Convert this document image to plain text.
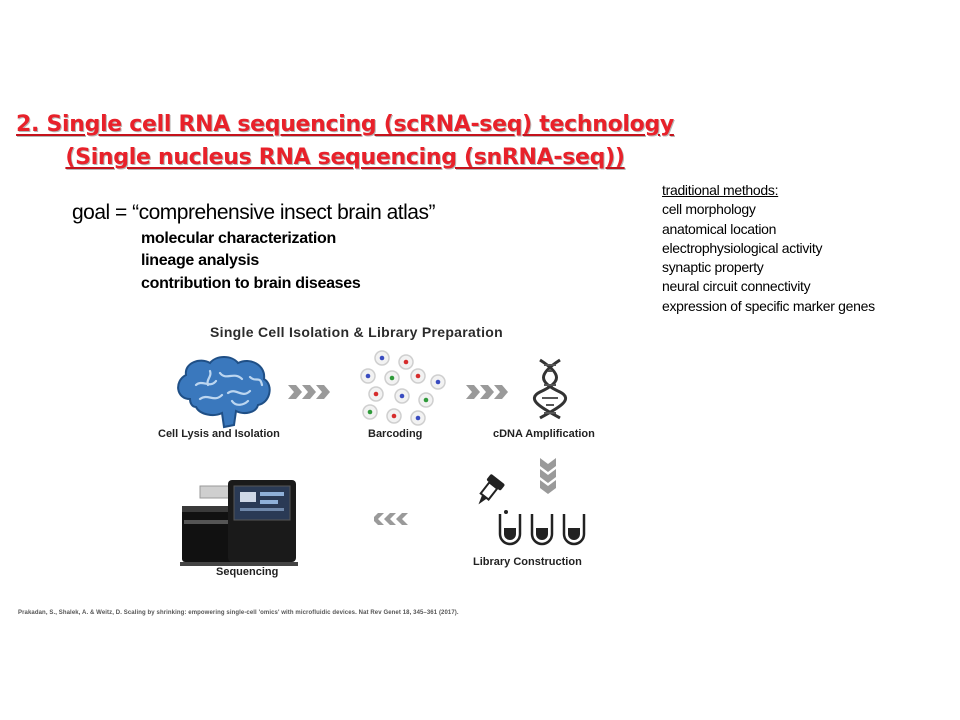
2. Single cell RNA sequencing (scRNA-seq) technology
(Single nucleus RNA sequencing (snRNA-seq))
goal = “comprehensive insect brain atlas”
molecular characterization
lineage analysis
contribution to brain diseases
traditional methods:
cell morphology
anatomical location
electrophysiological activity
synaptic property
neural circuit connectivity
expression of specific marker genes
Single Cell Isolation & Library Preparation
Cell Lysis and Isolation	Barcoding	cDNA Amplification
Library Construction
Sequencing
Prakadan, S., Shalek, A. & Weitz, D. Scaling by shrinking: empowering single-cell 'omics' with microfluidic devices. Nat Rev Genet 18, 345–361 (2017).
